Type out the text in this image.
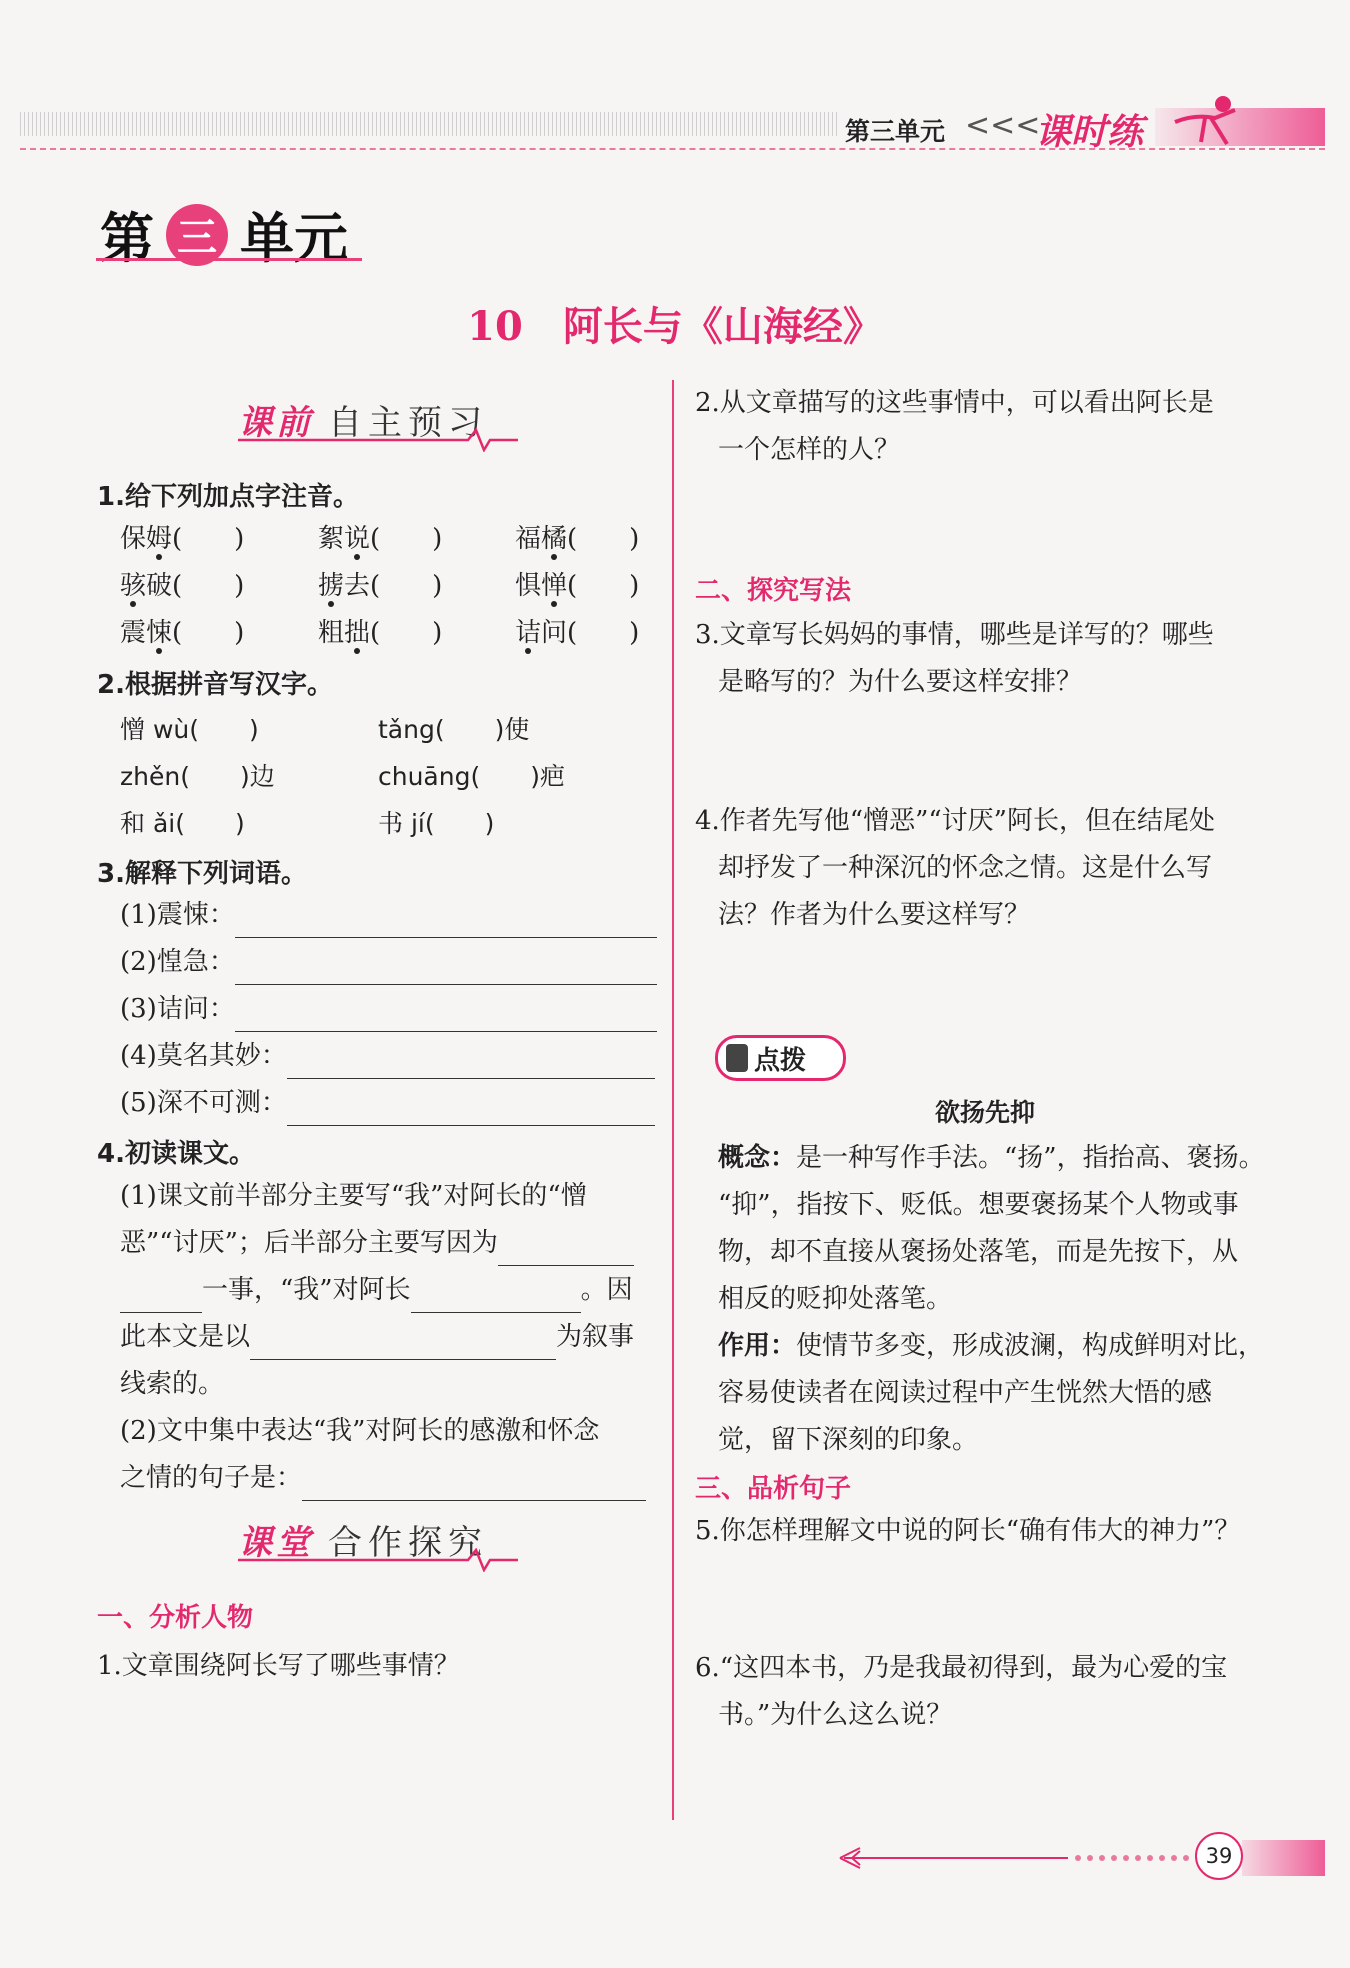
第三单元 <<<
课时练
第 三 单元
10　阿长与《山海经》
课前 自主预习
1.给下列加点字注音。
保姆(　　)	絮说(　　)	福橘(　　)
骇破(　　)	掳去(　　)	惧惮(　　)
震悚(　　)	粗拙(　　)	诘问(　　)
2.根据拼音写汉字。
憎 wù(　　)	tǎng(　　)使
zhěn(　　)边	chuāng(　　)疤
和 ǎi(　　)	书 jí(　　)
3.解释下列词语。
(1)震悚：
(2)惶急：
(3)诘问：
(4)莫名其妙：
(5)深不可测：
4.初读课文。
(1)课文前半部分主要写“我”对阿长的“憎
恶”“讨厌”；后半部分主要写因为
一事，“我”对阿长	。因
此本文是以	为叙事
线索的。
(2)文中集中表达“我”对阿长的感激和怀念
之情的句子是：
课堂 合作探究
一、分析人物
1.文章围绕阿长写了哪些事情？
2.从文章描写的这些事情中，可以看出阿长是
一个怎样的人？
二、探究写法
3.文章写长妈妈的事情，哪些是详写的？哪些
是略写的？为什么要这样安排？
4.作者先写他“憎恶”“讨厌”阿长，但在结尾处
却抒发了一种深沉的怀念之情。这是什么写
法？作者为什么要这样写？
点拨
欲扬先抑
概念：是一种写作手法。“扬”，指抬高、褒扬。
“抑”，指按下、贬低。想要褒扬某个人物或事
物，却不直接从褒扬处落笔，而是先按下，从
相反的贬抑处落笔。
作用：使情节多变，形成波澜，构成鲜明对比，
容易使读者在阅读过程中产生恍然大悟的感
觉，留下深刻的印象。
三、品析句子
5.你怎样理解文中说的阿长“确有伟大的神力”？
6.“这四本书，乃是我最初得到，最为心爱的宝
书。”为什么这么说？
39
